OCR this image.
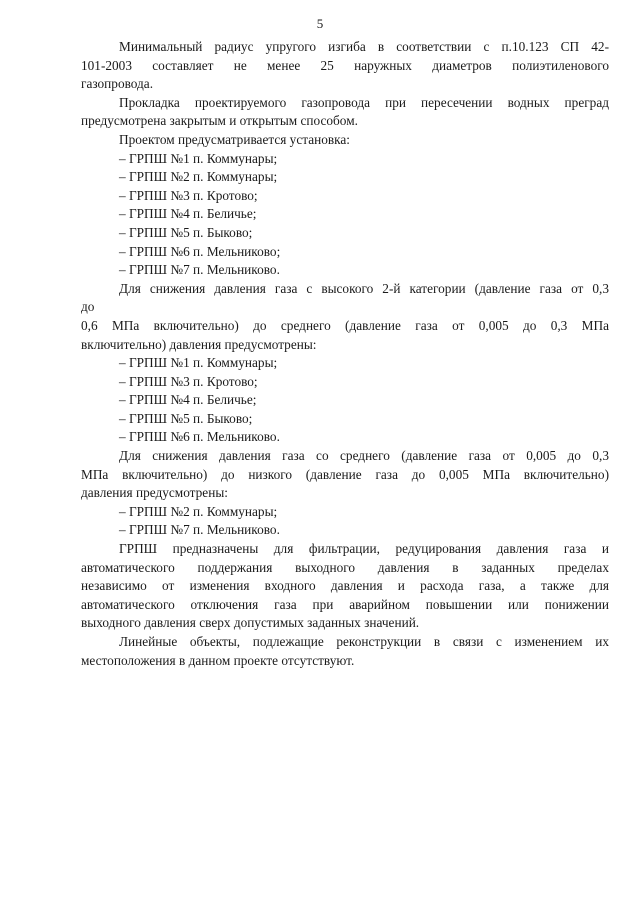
5
Минимальный радиус упругого изгиба в соответствии с п.10.123 СП 42-
101-2003 составляет не менее 25 наружных диаметров полиэтиленового
газопровода.
Прокладка проектируемого газопровода при пересечении водных преград
предусмотрена закрытым и открытым способом.
Проектом предусматривается установка:
– ГРПШ №1 п. Коммунары;
– ГРПШ №2 п. Коммунары;
– ГРПШ №3 п. Кротово;
– ГРПШ №4 п. Беличье;
– ГРПШ №5 п. Быково;
– ГРПШ №6 п. Мельниково;
– ГРПШ №7 п. Мельниково.
Для снижения давления газа с высокого 2-й категории (давление газа от 0,3
до
0,6 МПа включительно) до среднего (давление газа от 0,005 до 0,3 МПа
включительно) давления предусмотрены:
– ГРПШ №1 п. Коммунары;
– ГРПШ №3 п. Кротово;
– ГРПШ №4 п. Беличье;
– ГРПШ №5 п. Быково;
– ГРПШ №6 п. Мельниково.
Для снижения давления газа со среднего (давление газа от 0,005 до 0,3
МПа включительно) до низкого (давление газа до 0,005 МПа включительно)
давления предусмотрены:
– ГРПШ №2 п. Коммунары;
– ГРПШ №7 п. Мельниково.
ГРПШ предназначены для фильтрации, редуцирования давления газа и
автоматического поддержания выходного давления в заданных пределах
независимо от изменения входного давления и расхода газа, а также для
автоматического отключения газа при аварийном повышении или понижении
выходного давления сверх допустимых заданных значений.
Линейные объекты, подлежащие реконструкции в связи с изменением их
местоположения в данном проекте отсутствуют.
